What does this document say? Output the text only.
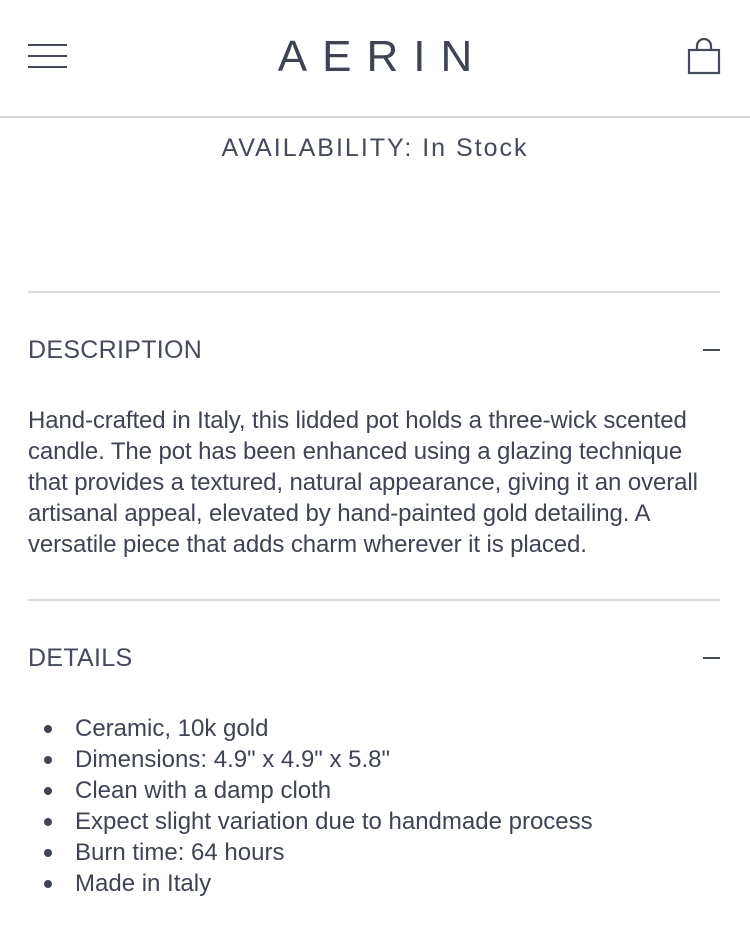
AERIN
AVAILABILITY: In Stock
DESCRIPTION

Hand-crafted in Italy, this lidded pot holds a three-wick scented candle. The pot has been enhanced using a glazing technique that provides a textured, natural appearance, giving it an overall artisanal appeal, elevated by hand-painted gold detailing. A versatile piece that adds charm wherever it is placed.

DETAILS
Ceramic, 10k gold
Dimensions: 4.9" x 4.9" x 5.8"
Clean with a damp cloth
Expect slight variation due to handmade process
Burn time: 64 hours
Made in Italy
